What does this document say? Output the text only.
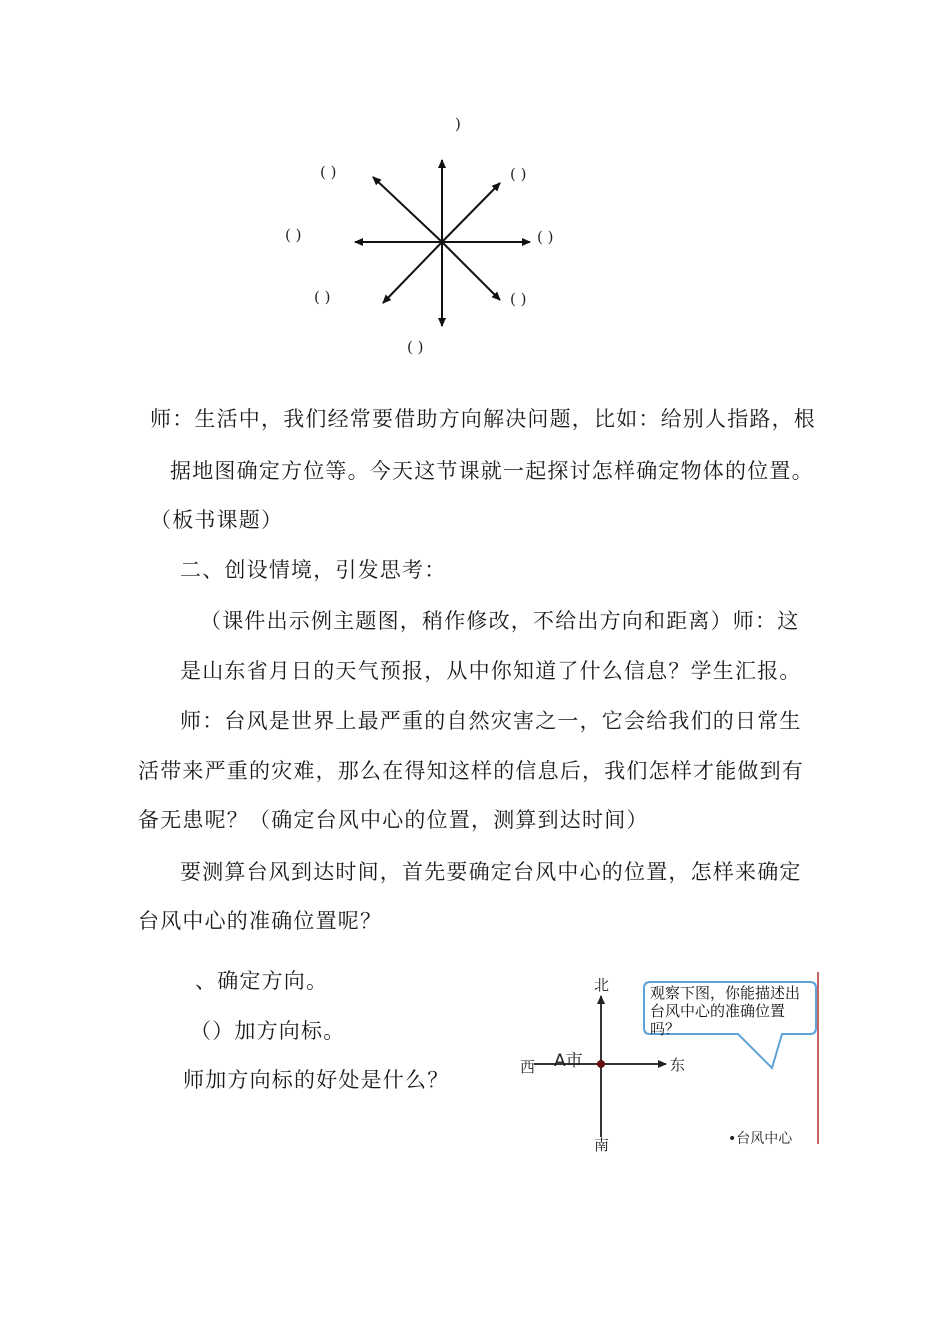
)
( )	( )
( )	( )
( )	( )
( )
师：生活中，我们经常要借助方向解决问题，比如：给别人指路，根
据地图确定方位等。今天这节课就一起探讨怎样确定物体的位置。
（板书课题）
二、创设情境，引发思考：
（课件出示例主题图，稍作修改，不给出方向和距离）师：这
是山东省月日的天气预报，从中你知道了什么信息？学生汇报。
师：台风是世界上最严重的自然灾害之一，它会给我们的日常生
活带来严重的灾难，那么在得知这样的信息后，我们怎样才能做到有
备无患呢？（确定台风中心的位置，测算到达时间）
要测算台风到达时间，首先要确定台风中心的位置，怎样来确定
台风中心的准确位置呢？
、确定方向。
（）加方向标。
师加方向标的好处是什么？
北
南
西	东
A市
•台风中心
观察下图，你能描述出
台风中心的准确位置
吗？
